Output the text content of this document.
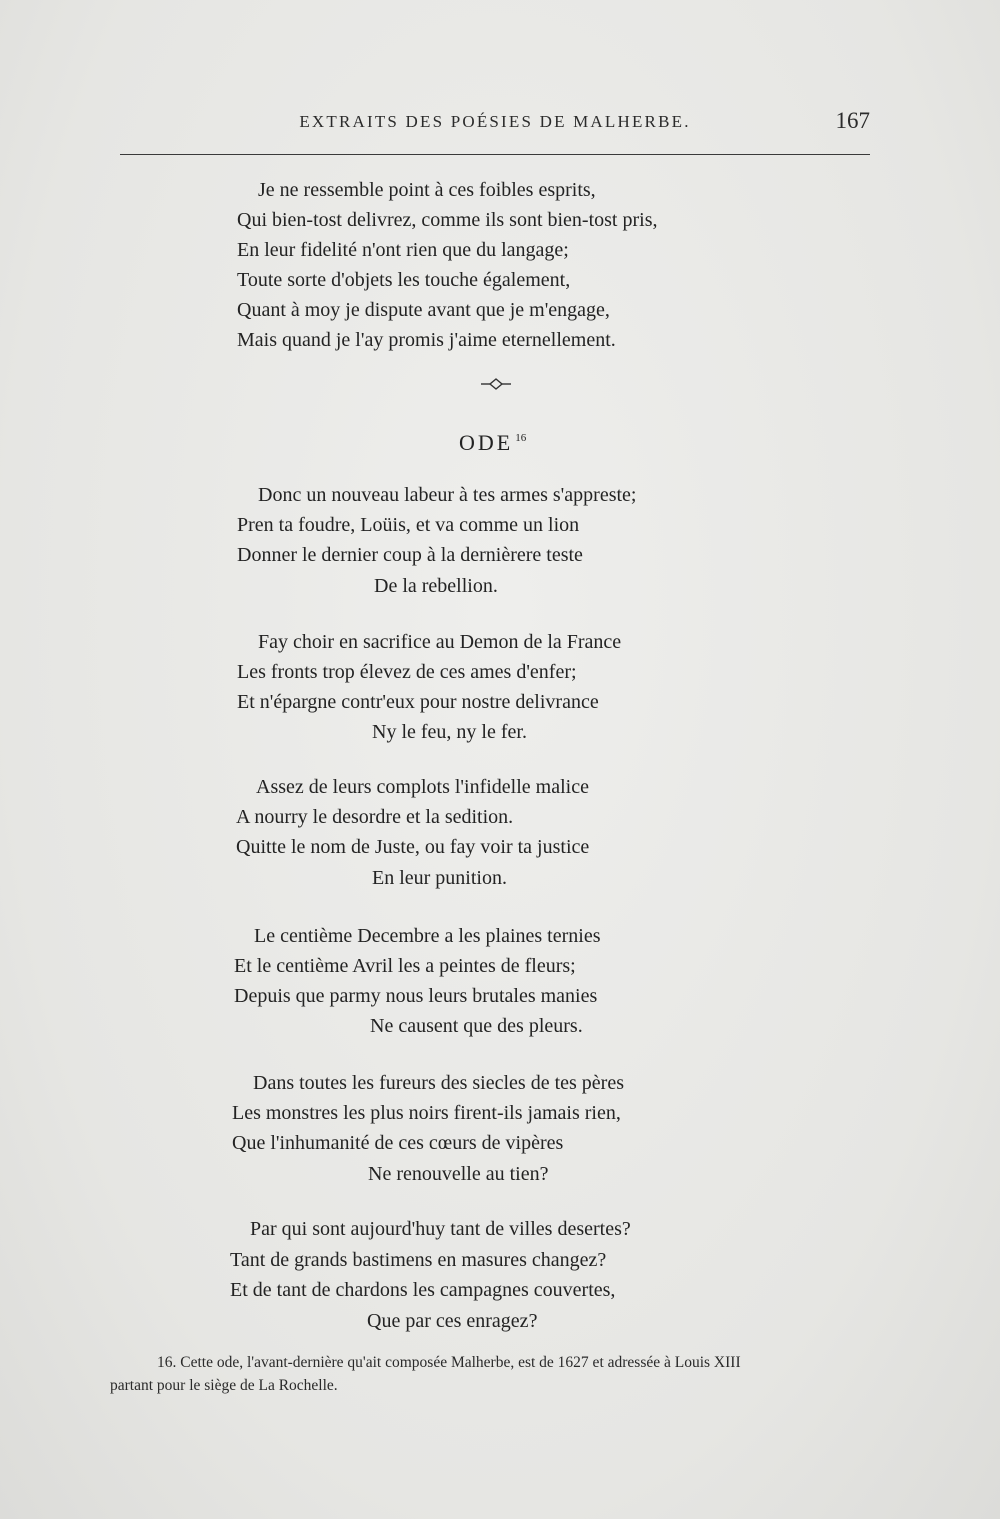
EXTRAITS DES POÉSIES DE MALHERBE.	167
Je ne ressemble point à ces foibles esprits,
Qui bien-tost delivrez, comme ils sont bien-tost pris,
En leur fidelité n'ont rien que du langage;
Toute sorte d'objets les touche également,
Quant à moy je dispute avant que je m'engage,
Mais quand je l'ay promis j'aime eternellement.
ODE $^{16}$
Donc un nouveau labeur à tes armes s'appreste;
Pren ta foudre, Loüis, et va comme un lion
Donner le dernier coup à la dernièrere teste
De la rebellion.
Fay choir en sacrifice au Demon de la France
Les fronts trop élevez de ces ames d'enfer;
Et n'épargne contr'eux pour nostre delivrance
Ny le feu, ny le fer.
Assez de leurs complots l'infidelle malice
A nourry le desordre et la sedition.
Quitte le nom de Juste, ou fay voir ta justice
En leur punition.
Le centième Decembre a les plaines ternies
Et le centième Avril les a peintes de fleurs;
Depuis que parmy nous leurs brutales manies
Ne causent que des pleurs.
Dans toutes les fureurs des siecles de tes pères
Les monstres les plus noirs firent-ils jamais rien,
Que l'inhumanité de ces cœurs de vipères
Ne renouvelle au tien?
Par qui sont aujourd'huy tant de villes desertes?
Tant de grands bastimens en masures changez?
Et de tant de chardons les campagnes couvertes,
Que par ces enragez?
16. Cette ode, l'avant-dernière qu'ait composée Malherbe, est de 1627 et adressée à Louis XIII
partant pour le siège de La Rochelle.
